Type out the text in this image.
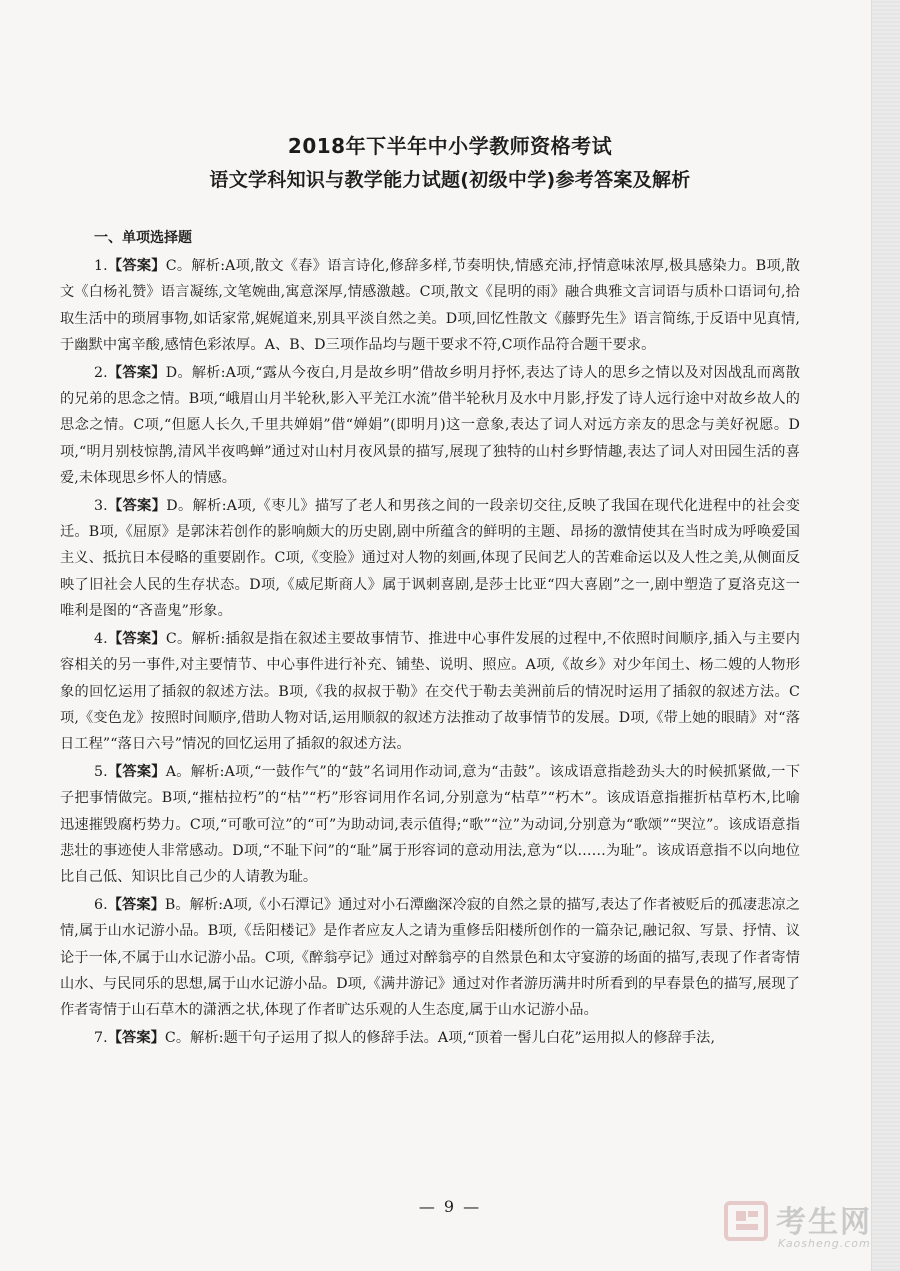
2018年下半年中小学教师资格考试
语文学科知识与教学能力试题(初级中学)参考答案及解析
一、单项选择题

1.【答案】C。解析:A项,散文《春》语言诗化,修辞多样,节奏明快,情感充沛,抒情意味浓厚,极具感染力。B项,散文《白杨礼赞》语言凝练,文笔婉曲,寓意深厚,情感激越。C项,散文《昆明的雨》融合典雅文言词语与质朴口语词句,拾取生活中的琐屑事物,如话家常,娓娓道来,别具平淡自然之美。D项,回忆性散文《藤野先生》语言简练,于反语中见真情,于幽默中寓辛酸,感情色彩浓厚。A、B、D三项作品均与题干要求不符,C项作品符合题干要求。

2.【答案】D。解析:A项,“露从今夜白,月是故乡明”借故乡明月抒怀,表达了诗人的思乡之情以及对因战乱而离散的兄弟的思念之情。B项,“峨眉山月半轮秋,影入平羌江水流”借半轮秋月及水中月影,抒发了诗人远行途中对故乡故人的思念之情。C项,“但愿人长久,千里共婵娟”借“婵娟”(即明月)这一意象,表达了词人对远方亲友的思念与美好祝愿。D项,“明月别枝惊鹊,清风半夜鸣蝉”通过对山村月夜风景的描写,展现了独特的山村乡野情趣,表达了词人对田园生活的喜爱,未体现思乡怀人的情感。

3.【答案】D。解析:A项,《枣儿》描写了老人和男孩之间的一段亲切交往,反映了我国在现代化进程中的社会变迁。B项,《屈原》是郭沫若创作的影响颇大的历史剧,剧中所蕴含的鲜明的主题、昂扬的激情使其在当时成为呼唤爱国主义、抵抗日本侵略的重要剧作。C项,《变脸》通过对人物的刻画,体现了民间艺人的苦难命运以及人性之美,从侧面反映了旧社会人民的生存状态。D项,《威尼斯商人》属于讽刺喜剧,是莎士比亚“四大喜剧”之一,剧中塑造了夏洛克这一唯利是图的“吝啬鬼”形象。

4.【答案】C。解析:插叙是指在叙述主要故事情节、推进中心事件发展的过程中,不依照时间顺序,插入与主要内容相关的另一事件,对主要情节、中心事件进行补充、铺垫、说明、照应。A项,《故乡》对少年闰土、杨二嫂的人物形象的回忆运用了插叙的叙述方法。B项,《我的叔叔于勒》在交代于勒去美洲前后的情况时运用了插叙的叙述方法。C项,《变色龙》按照时间顺序,借助人物对话,运用顺叙的叙述方法推动了故事情节的发展。D项,《带上她的眼睛》对“落日工程”“落日六号”情况的回忆运用了插叙的叙述方法。

5.【答案】A。解析:A项,“一鼓作气”的“鼓”名词用作动词,意为“击鼓”。该成语意指趁劲头大的时候抓紧做,一下子把事情做完。B项,“摧枯拉朽”的“枯”“朽”形容词用作名词,分别意为“枯草”“朽木”。该成语意指摧折枯草朽木,比喻迅速摧毁腐朽势力。C项,“可歌可泣”的“可”为助动词,表示值得;“歌”“泣”为动词,分别意为“歌颂”“哭泣”。该成语意指悲壮的事迹使人非常感动。D项,“不耻下问”的“耻”属于形容词的意动用法,意为“以……为耻”。该成语意指不以向地位比自己低、知识比自己少的人请教为耻。

6.【答案】B。解析:A项,《小石潭记》通过对小石潭幽深冷寂的自然之景的描写,表达了作者被贬后的孤凄悲凉之情,属于山水记游小品。B项,《岳阳楼记》是作者应友人之请为重修岳阳楼所创作的一篇杂记,融记叙、写景、抒情、议论于一体,不属于山水记游小品。C项,《醉翁亭记》通过对醉翁亭的自然景色和太守宴游的场面的描写,表现了作者寄情山水、与民同乐的思想,属于山水记游小品。D项,《满井游记》通过对作者游历满井时所看到的早春景色的描写,展现了作者寄情于山石草木的潇洒之状,体现了作者旷达乐观的人生态度,属于山水记游小品。

7.【答案】C。解析:题干句子运用了拟人的修辞手法。A项,“顶着一髻儿白花”运用拟人的修辞手法,

— 9 —	考生网
Kaosheng.com
